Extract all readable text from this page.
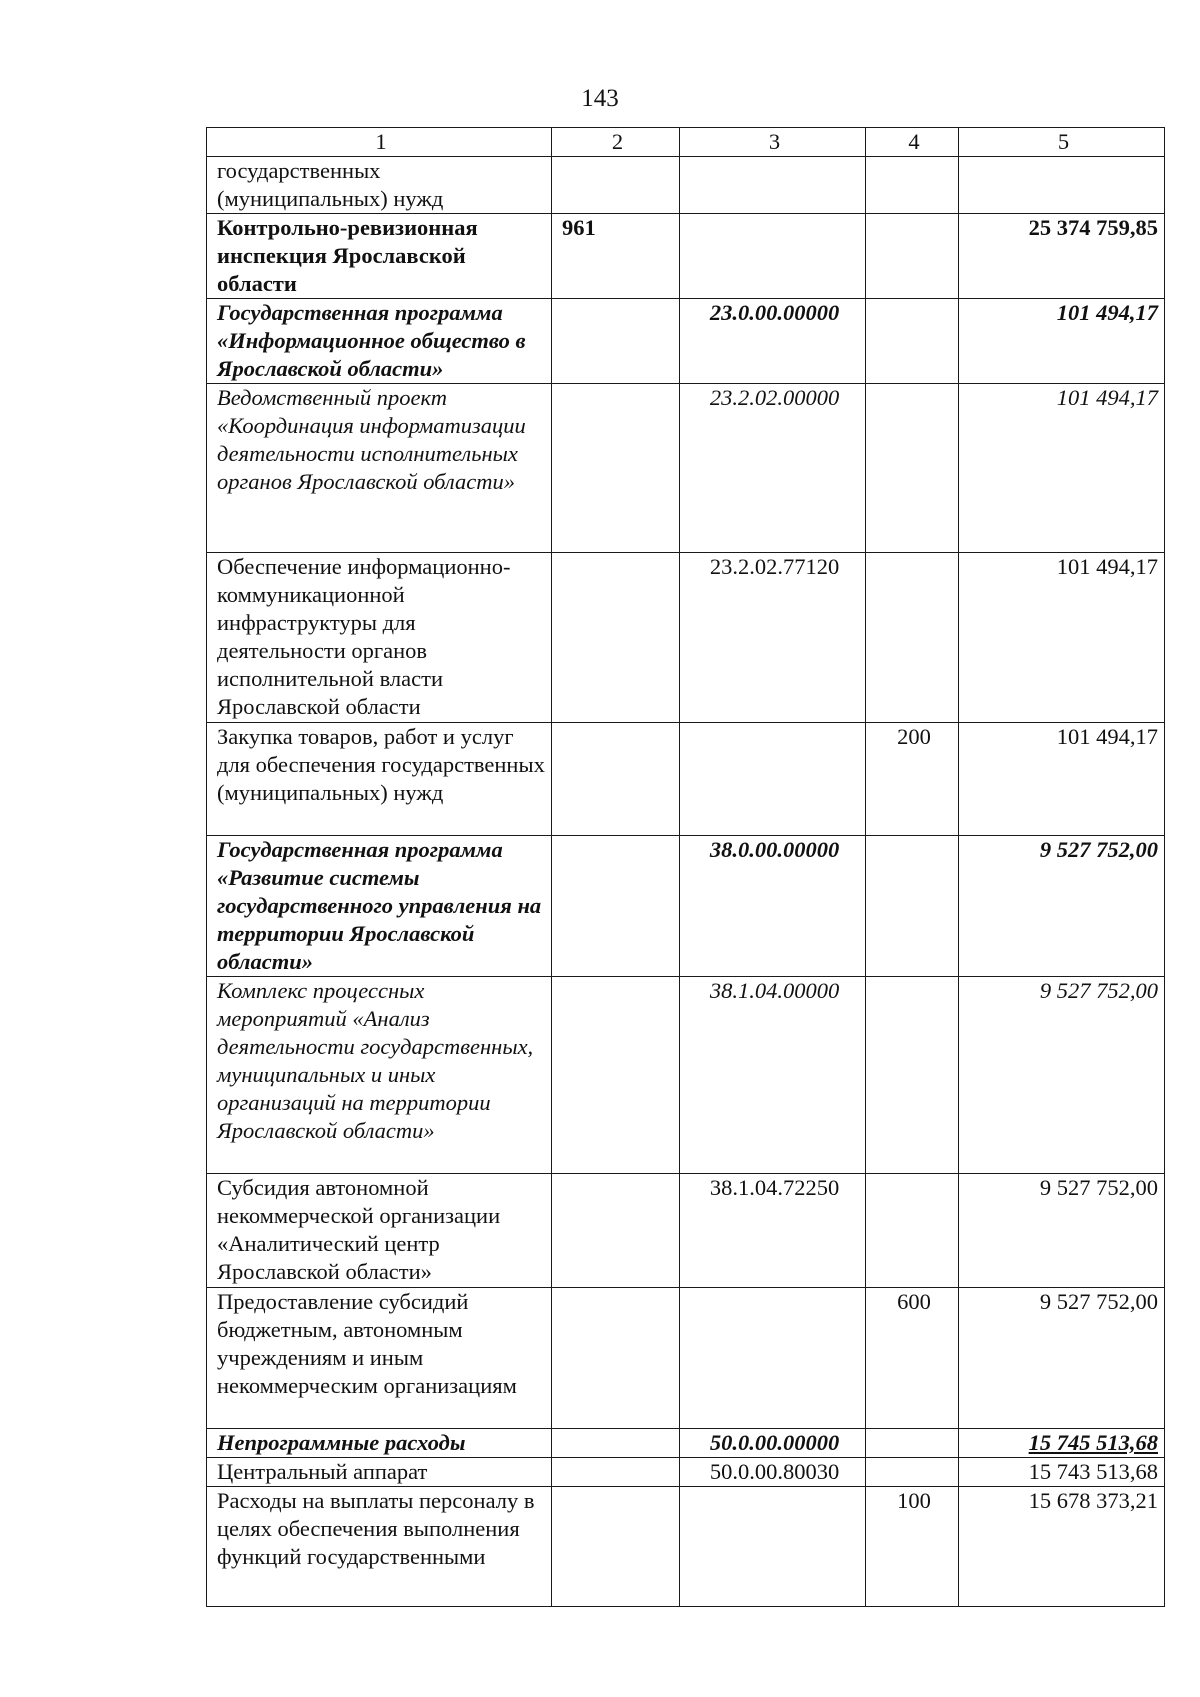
143
1	2	3	4	5
государственных (муниципальных) нужд				
Контрольно-ревизионная инспекция Ярославской области	961			25 374 759,85
Государственная программа «Информационное общество в Ярославской области»		23.0.00.00000		101 494,17
Ведомственный проект «Координация информатизации деятельности исполнительных органов Ярославской области»		23.2.02.00000		101 494,17
Обеспечение информационно-коммуникационной инфраструктуры для деятельности органов исполнительной власти Ярославской области		23.2.02.77120		101 494,17
Закупка товаров, работ и услуг для обеспечения государственных (муниципальных) нужд			200	101 494,17
Государственная программа «Развитие системы государственного управления на территории Ярославской области»		38.0.00.00000		9 527 752,00
Комплекс процессных мероприятий «Анализ деятельности государственных, муниципальных и иных организаций на территории Ярославской области»		38.1.04.00000		9 527 752,00
Субсидия автономной некоммерческой организации «Аналитический центр Ярославской области»		38.1.04.72250		9 527 752,00
Предоставление субсидий бюджетным, автономным учреждениям и иным некоммерческим организациям			600	9 527 752,00
Непрограммные расходы		50.0.00.00000		15 745 513,68
Центральный аппарат		50.0.00.80030		15 743 513,68
Расходы на выплаты персоналу в целях обеспечения выполнения функций государственными			100	15 678 373,21
